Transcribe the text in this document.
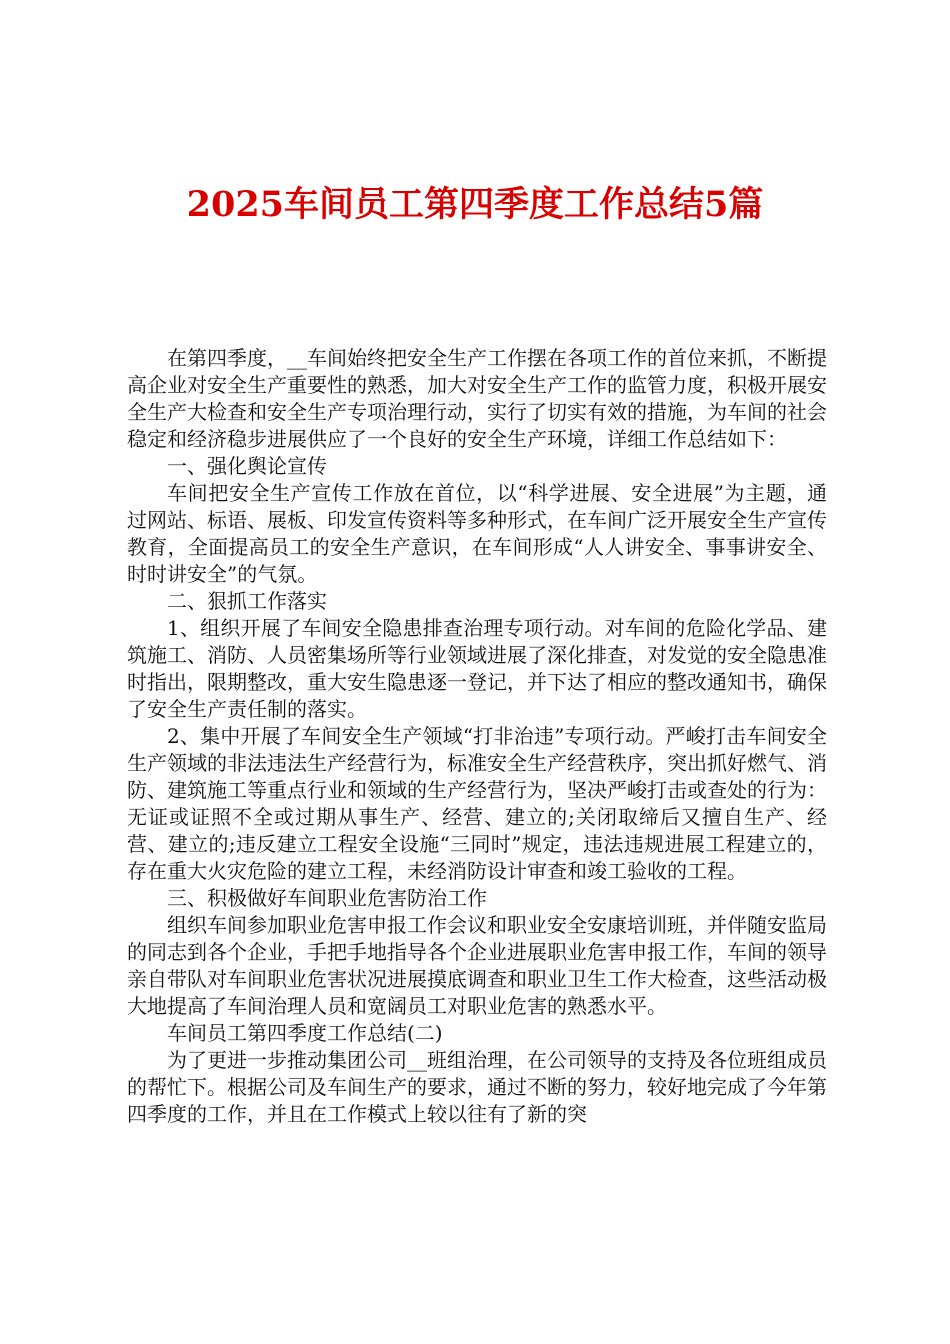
2025车间员工第四季度工作总结5篇

在第四季度，__车间始终把安全生产工作摆在各项工作的首位来抓，不断提高企业对安全生产重要性的熟悉，加大对安全生产工作的监管力度，积极开展安全生产大检查和安全生产专项治理行动，实行了切实有效的措施，为车间的社会稳定和经济稳步进展供应了一个良好的安全生产环境，详细工作总结如下：

一、强化舆论宣传

车间把安全生产宣传工作放在首位，以“科学进展、安全进展”为主题，通过网站、标语、展板、印发宣传资料等多种形式，在车间广泛开展安全生产宣传教育，全面提高员工的安全生产意识，在车间形成“人人讲安全、事事讲安全、时时讲安全”的气氛。

二、狠抓工作落实

1、组织开展了车间安全隐患排查治理专项行动。对车间的危险化学品、建筑施工、消防、人员密集场所等行业领域进展了深化排查，对发觉的安全隐患准时指出，限期整改，重大安生隐患逐一登记，并下达了相应的整改通知书，确保了安全生产责任制的落实。

2、集中开展了车间安全生产领域“打非治违”专项行动。严峻打击车间安全生产领域的非法违法生产经营行为，标准安全生产经营秩序，突出抓好燃气、消防、建筑施工等重点行业和领域的生产经营行为，坚决严峻打击或查处的行为：无证或证照不全或过期从事生产、经营、建立的;关闭取缔后又擅自生产、经营、建立的;违反建立工程安全设施“三同时”规定，违法违规进展工程建立的，存在重大火灾危险的建立工程，未经消防设计审查和竣工验收的工程。

三、积极做好车间职业危害防治工作

组织车间参加职业危害申报工作会议和职业安全安康培训班，并伴随安监局的同志到各个企业，手把手地指导各个企业进展职业危害申报工作，车间的领导亲自带队对车间职业危害状况进展摸底调查和职业卫生工作大检查，这些活动极大地提高了车间治理人员和宽阔员工对职业危害的熟悉水平。

车间员工第四季度工作总结(二)

为了更进一步推动集团公司__班组治理，在公司领导的支持及各位班组成员的帮忙下。根据公司及车间生产的要求，通过不断的努力，较好地完成了今年第四季度的工作，并且在工作模式上较以往有了新的突
